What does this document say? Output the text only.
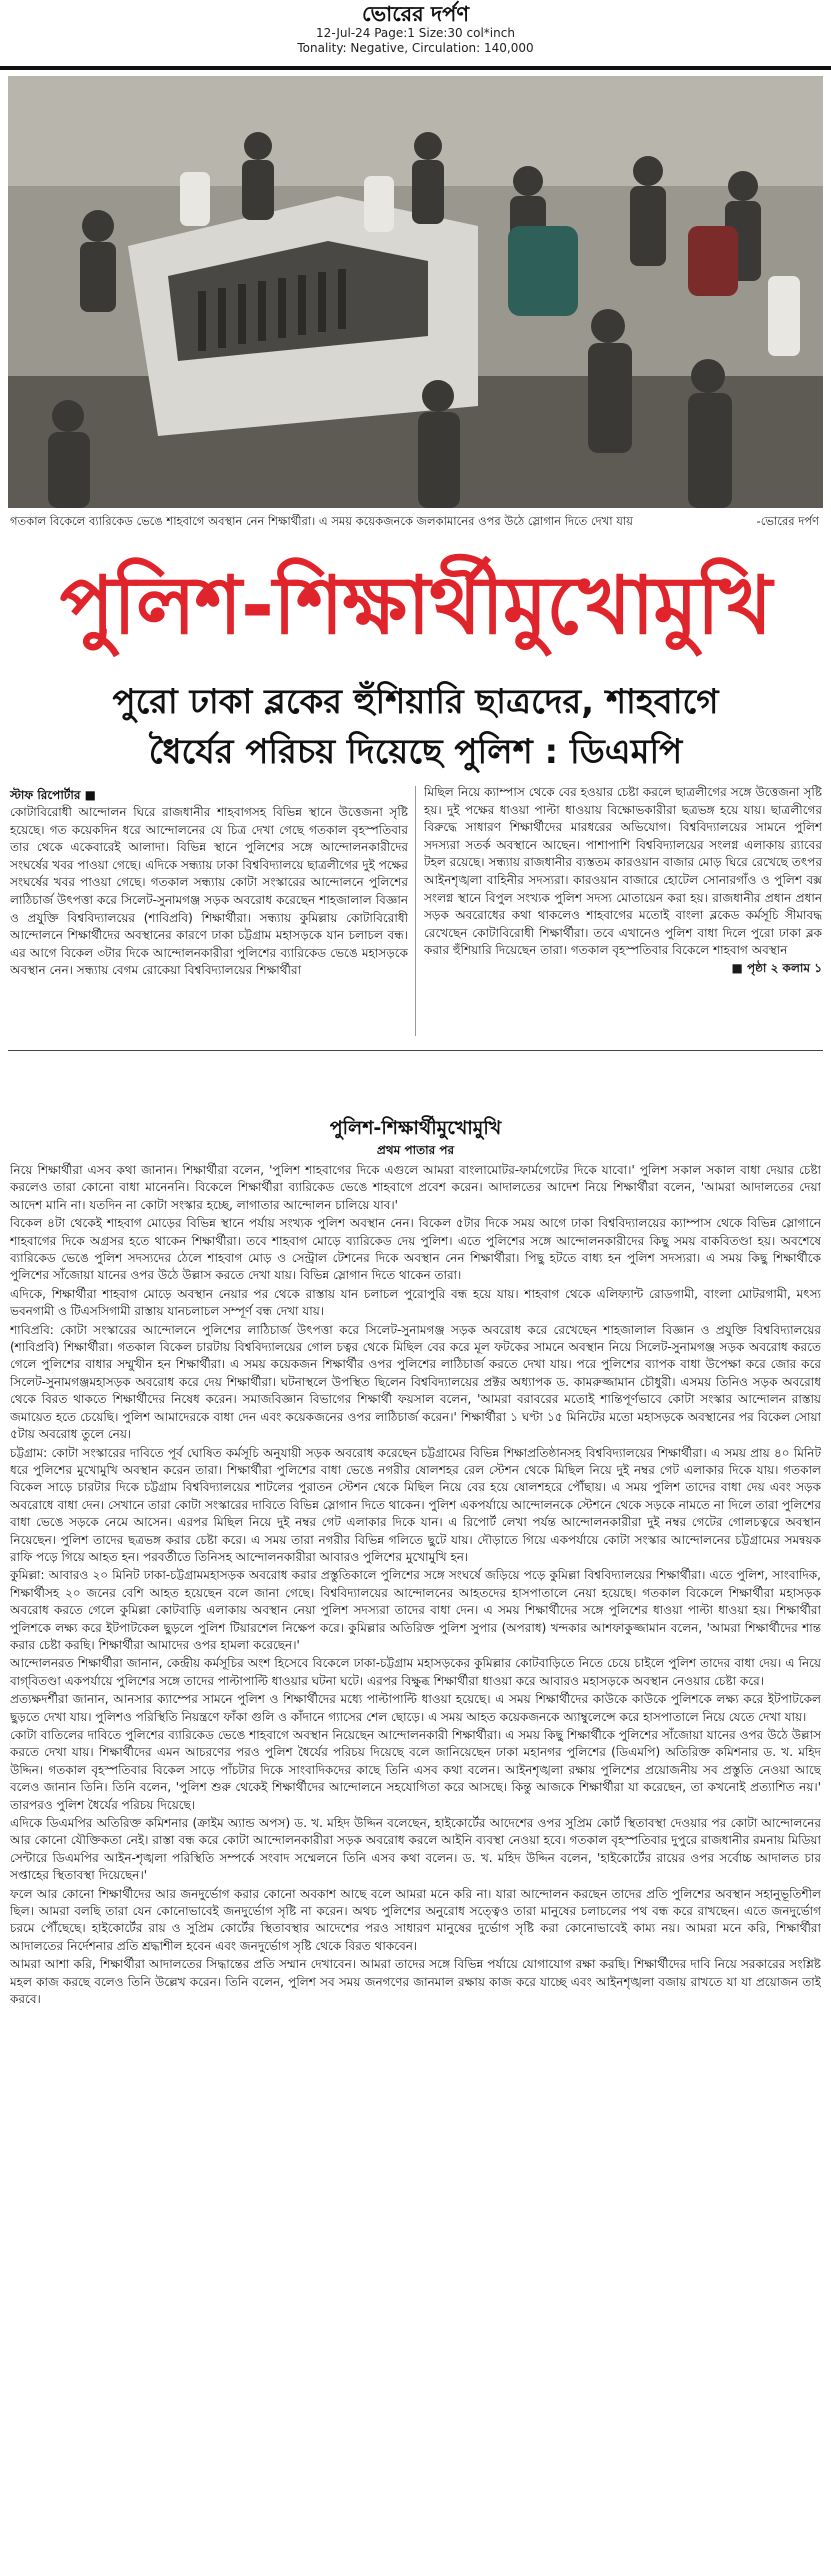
ভোরের দর্পণ
12-Jul-24 Page:1 Size:30 col*inch
Tonality: Negative, Circulation: 140,000
গতকাল বিকেলে ব্যারিকেড ভেঙে শাহবাগে অবস্থান নেন শিক্ষার্থীরা। এ সময় কয়েকজনকে জলকামানের ওপর উঠে স্লোগান দিতে দেখা যায়	-ভোরের দর্পণ
পুলিশ-শিক্ষার্থীমুখোমুখি
পুরো ঢাকা ব্লকের হুঁশিয়ারি ছাত্রদের, শাহবাগে
ধৈর্যের পরিচয় দিয়েছে পুলিশ : ডিএমপি
স্টাফ রিপোর্টার ■

কোটাবিরোধী আন্দোলন ঘিরে রাজধানীর শাহবাগসহ বিভিন্ন স্থানে উত্তেজনা সৃষ্টি হয়েছে। গত কয়েকদিন ধরে আন্দোলনের যে চিত্র দেখা গেছে গতকাল বৃহস্পতিবার তার থেকে একেবারেই আলাদা। বিভিন্ন স্থানে পুলিশের সঙ্গে আন্দোলনকারীদের সংঘর্ষের খবর পাওয়া গেছে। এদিকে সন্ধ্যায় ঢাকা বিশ্ববিদ্যালয়ে ছাত্রলীগের দুই পক্ষের সংঘর্ষের খবর পাওয়া গেছে। গতকাল সন্ধ্যায় কোটা সংস্কারের আন্দোলনে পুলিশের লাঠিচার্জ উৎপত্তা করে সিলেট-সুনামগঞ্জ সড়ক অবরোধ করেছেন শাহজালাল বিজ্ঞান ও প্রযুক্তি বিশ্ববিদ্যালয়ের (শাবিপ্রবি) শিক্ষার্থীরা। সন্ধ্যায় কুমিল্লায় কোটাবিরোধী আন্দোলনে শিক্ষার্থীদের অবস্থানের কারণে ঢাকা চট্টগ্রাম মহাসড়কে যান চলাচল বন্ধ। এর আগে বিকেল ৩টার দিকে আন্দোলনকারীরা পুলিশের ব্যারিকেড ভেঙে মহাসড়কে অবস্থান নেন। সন্ধ্যায় বেগম রোকেয়া বিশ্ববিদ্যালয়ের শিক্ষার্থীরা

মিছিল নিয়ে ক্যাম্পাস থেকে বের হওয়ার চেষ্টা করলে ছাত্রলীগের সঙ্গে উত্তেজনা সৃষ্টি হয়। দুই পক্ষের ধাওয়া পাল্টা ধাওয়ায় বিক্ষোভকারীরা ছত্রভঙ্গ হয়ে যায়। ছাত্রলীগের বিরুদ্ধে সাধারণ শিক্ষার্থীদের মারধরের অভিযোগ। বিশ্ববিদ্যালয়ের সামনে পুলিশ সদস্যরা সতর্ক অবস্থানে আছেন। পাশাপাশি বিশ্ববিদ্যালয়ের সংলগ্ন এলাকায় র‍্যাবের টহল রয়েছে। সন্ধ্যায় রাজধানীর ব্যস্ততম কারওয়ান বাজার মোড় ঘিরে রেখেছে তৎপর আইনশৃঙ্খলা বাহিনীর সদস্যরা। কারওয়ান বাজারে হোটেল সোনারগাঁও ও পুলিশ বক্স সংলগ্ন স্থানে বিপুল সংখ্যক পুলিশ সদস্য মোতায়েন করা হয়। রাজধানীর প্রধান প্রধান সড়ক অবরোধের কথা থাকলেও শাহবাগের মতোই বাংলা ব্লকেড কর্মসূচি সীমাবদ্ধ রেখেছেন কোটাবিরোধী শিক্ষার্থীরা। তবে এখানেও পুলিশ বাধা দিলে পুরো ঢাকা ব্লক করার হুঁশিয়ারি দিয়েছেন তারা। গতকাল বৃহস্পতিবার বিকেলে শাহবাগ অবস্থান

■ পৃষ্ঠা ২ কলাম ১

পুলিশ-শিক্ষার্থীমুখোমুখি
প্রথম পাতার পর

নিয়ে শিক্ষার্থীরা এসব কথা জানান। শিক্ষার্থীরা বলেন, 'পুলিশ শাহবাগের দিকে এগুলে আমরা বাংলামোটর-ফার্মগেটের দিকে যাবো।' পুলিশ সকাল সকাল বাধা দেয়ার চেষ্টা করলেও তারা কোনো বাধা মানেননি। বিকেলে শিক্ষার্থীরা ব্যারিকেড ভেঙে শাহবাগে প্রবেশ করেন। আদালতের আদেশ নিয়ে শিক্ষার্থীরা বলেন, 'আমরা আদালতের দেয়া আদেশ মানি না। যতদিন না কোটা সংস্কার হচ্ছে, লাগাতার আন্দোলন চালিয়ে যাব।'

বিকেল ৪টা থেকেই শাহবাগ মোড়ের বিভিন্ন স্থানে পর্যায় সংখ্যক পুলিশ অবস্থান নেন। বিকেল ৫টার দিকে সময় আগে ঢাকা বিশ্ববিদ্যালয়ের ক্যাম্পাস থেকে বিভিন্ন স্লোগানে শাহবাগের দিকে অগ্রসর হতে থাকেন শিক্ষার্থীরা। তবে শাহবাগ মোড়ে ব্যারিকেড দেয় পুলিশ। এতে পুলিশের সঙ্গে আন্দোলনকারীদের কিছু সময় বাকবিতণ্ডা হয়। অবশেষে ব্যারিকেড ভেঙে পুলিশ সদস্যদের ঠেলে শাহবাগ মোড় ও সেন্ট্রাল টেশনের দিকে অবস্থান নেন শিক্ষার্থীরা। পিছু হটতে বাধ্য হন পুলিশ সদস্যরা। এ সময় কিছু শিক্ষার্থীকে পুলিশের সাঁজোয়া যানের ওপর উঠে উল্লাস করতে দেখা যায়। বিভিন্ন স্লোগান দিতে থাকেন তারা।

এদিকে, শিক্ষার্থীরা শাহবাগ মোড়ে অবস্থান নেয়ার পর থেকে রাস্তায় যান চলাচল পুরোপুরি বন্ধ হয়ে যায়। শাহবাগ থেকে এলিফ্যান্ট রোডগামী, বাংলা মোটরগামী, মৎস্য ভবনগামী ও টিএসসিগামী রাস্তায় যানচলাচল সম্পূর্ণ বন্ধ দেখা যায়।

শাবিপ্রবি: কোটা সংস্কারের আন্দোলনে পুলিশের লাঠিচার্জ উৎপত্তা করে সিলেট-সুনামগঞ্জ সড়ক অবরোধ করে রেখেছেন শাহজালাল বিজ্ঞান ও প্রযুক্তি বিশ্ববিদ্যালয়ের (শাবিপ্রবি) শিক্ষার্থীরা। গতকাল বিকেল চারটায় বিশ্ববিদ্যালয়ের গোল চত্বর থেকে মিছিল বের করে মূল ফটকের সামনে অবস্থান নিয়ে সিলেট-সুনামগঞ্জ সড়ক অবরোধ করতে গেলে পুলিশের বাধার সম্মুখীন হন শিক্ষার্থীরা। এ সময় কয়েকজন শিক্ষার্থীর ওপর পুলিশের লাঠিচার্জ করতে দেখা যায়। পরে পুলিশের ব্যাপক বাধা উপেক্ষা করে জোর করে সিলেট-সুনামগঞ্জমহাসড়ক অবরোধ করে দেয় শিক্ষার্থীরা। ঘটনাস্থলে উপস্থিত ছিলেন বিশ্ববিদ্যালয়ের প্রক্টর অধ্যাপক ড. কামরুজ্জামান চৌধুরী। এসময় তিনিও সড়ক অবরোধ থেকে বিরত থাকতে শিক্ষার্থীদের নিষেধ করেন। সমাজবিজ্ঞান বিভাগের শিক্ষার্থী ফয়সাল বলেন, 'আমরা বরাবরের মতোই শান্তিপূর্ণভাবে কোটা সংস্কার আন্দোলন রাস্তায় জমায়েত হতে চেয়েছি। পুলিশ আমাদেরকে বাধা দেন এবং কয়েকজনের ওপর লাঠিচার্জ করেন।' শিক্ষার্থীরা ১ ঘণ্টা ১৫ মিনিটের মতো মহাসড়কে অবস্থানের পর বিকেল সোয়া ৫টায় অবরোধ তুলে নেয়।

চট্টগ্রাম: কোটা সংস্কারের দাবিতে পূর্ব ঘোষিত কর্মসূচি অনুযায়ী সড়ক অবরোধ করেছেন চট্টগ্রামের বিভিন্ন শিক্ষাপ্রতিষ্ঠানসহ বিশ্ববিদ্যালয়ের শিক্ষার্থীরা। এ সময় প্রায় ৪০ মিনিট ধরে পুলিশের মুখোমুখি অবস্থান করেন তারা। শিক্ষার্থীরা পুলিশের বাধা ভেঙে নগরীর ষোলশহর রেল স্টেশন থেকে মিছিল নিয়ে দুই নম্বর গেট এলাকার দিকে যায়। গতকাল বিকেল সাড়ে চারটার দিকে চট্টগ্রাম বিশ্ববিদ্যালয়ের শাটলের পুরাতন স্টেশন থেকে মিছিল নিয়ে বের হয়ে ষোলশহরে পৌঁছায়। এ সময় পুলিশ তাদের বাধা দেয় এবং সড়ক অবরোধে বাধা দেন। সেখানে তারা কোটা সংস্কারের দাবিতে বিভিন্ন স্লোগান দিতে থাকেন। পুলিশ একপর্যায়ে আন্দোলনকে স্টেশনে থেকে সড়কে নামতে না দিলে তারা পুলিশের বাধা ভেঙে সড়কে নেমে আসেন। এরপর মিছিল নিয়ে দুই নম্বর গেট এলাকার দিকে যান। এ রিপোর্ট লেখা পর্যন্ত আন্দোলনকারীরা দুই নম্বর গেটের গোলচত্বরে অবস্থান নিয়েছেন। পুলিশ তাদের ছত্রভঙ্গ করার চেষ্টা করে। এ সময় তারা নগরীর বিভিন্ন গলিতে ছুটে যায়। দৌড়াতে গিয়ে একপর্যায়ে কোটা সংস্কার আন্দোলনের চট্টগ্রামের সমন্বয়ক রাফি পড়ে গিয়ে আহত হন। পরবর্তীতে তিনিসহ আন্দোলনকারীরা আবারও পুলিশের মুখোমুখি হন।

কুমিল্লা: আবারও ২০ মিনিট ঢাকা-চট্টগ্রামমহাসড়ক অবরোধ করার প্রস্তুতিকালে পুলিশের সঙ্গে সংঘর্ষে জড়িয়ে পড়ে কুমিল্লা বিশ্ববিদ্যালয়ের শিক্ষার্থীরা। এতে পুলিশ, সাংবাদিক, শিক্ষার্থীসহ ২০ জনের বেশি আহত হয়েছেন বলে জানা গেছে। বিশ্ববিদ্যালয়ের আন্দোলনের আহতদের হাসপাতালে নেয়া হয়েছে। গতকাল বিকেলে শিক্ষার্থীরা মহাসড়ক অবরোধ করতে গেলে কুমিল্লা কোটবাড়ি এলাকায় অবস্থান নেয়া পুলিশ সদস্যরা তাদের বাধা দেন। এ সময় শিক্ষার্থীদের সঙ্গে পুলিশের ধাওয়া পাল্টা ধাওয়া হয়। শিক্ষার্থীরা পুলিশকে লক্ষ্য করে ইটপাটকেল ছুড়লে পুলিশ টিয়ারশেল নিক্ষেপ করে। কুমিল্লার অতিরিক্ত পুলিশ সুপার (অপরাধ) খন্দকার আশফাকুজ্জামান বলেন, 'আমরা শিক্ষার্থীদের শান্ত করার চেষ্টা করছি। শিক্ষার্থীরা আমাদের ওপর হামলা করেছেন।'

আন্দোলনরত শিক্ষার্থীরা জানান, কেন্দ্রীয় কর্মসূচির অংশ হিসেবে বিকেলে ঢাকা-চট্টগ্রাম মহাসড়কের কুমিল্লার কোটবাড়িতে নিতে চেয়ে চাইলে পুলিশ তাদের বাধা দেয়। এ নিয়ে বাগ্‌বিতণ্ডা একপর্যায়ে পুলিশের সঙ্গে তাদের পাল্টাপাল্টি ধাওয়ার ঘটনা ঘটে। এরপর বিক্ষুব্ধ শিক্ষার্থীরা ধাওয়া করে আবারও মহাসড়কে অবস্থান নেওয়ার চেষ্টা করে।

প্রত্যক্ষদর্শীরা জানান, আনসার ক্যাম্পের সামনে পুলিশ ও শিক্ষার্থীদের মধ্যে পাল্টাপাল্টি ধাওয়া হয়েছে। এ সময় শিক্ষার্থীদের কাউকে কাউকে পুলিশকে লক্ষ্য করে ইটপাটকেল ছুড়তে দেখা যায়। পুলিশও পরিস্থিতি নিয়ন্ত্রণে ফাঁকা গুলি ও কাঁদানে গ্যাসের শেল ছোড়ে। এ সময় আহত কয়েকজনকে অ্যাম্বুলেন্সে করে হাসপাতালে নিয়ে যেতে দেখা যায়।

কোটা বাতিলের দাবিতে পুলিশের ব্যারিকেড ভেঙে শাহবাগে অবস্থান নিয়েছেন আন্দোলনকারী শিক্ষার্থীরা। এ সময় কিছু শিক্ষার্থীকে পুলিশের সাঁজোয়া যানের ওপর উঠে উল্লাস করতে দেখা যায়। শিক্ষার্থীদের এমন আচরণের পরও পুলিশ ধৈর্যের পরিচয় দিয়েছে বলে জানিয়েছেন ঢাকা মহানগর পুলিশের (ডিএমপি) অতিরিক্ত কমিশনার ড. খ. মহিদ উদ্দিন। গতকাল বৃহস্পতিবার বিকেল সাড়ে পাঁচটার দিকে সাংবাদিকদের কাছে তিনি এসব কথা বলেন। আইনশৃঙ্খলা রক্ষায় পুলিশের প্রয়োজনীয় সব প্রস্তুতি নেওয়া আছে বলেও জানান তিনি। তিনি বলেন, 'পুলিশ শুরু থেকেই শিক্ষার্থীদের আন্দোলনে সহযোগিতা করে আসছে। কিন্তু আজকে শিক্ষার্থীরা যা করেছেন, তা কখনোই প্রত্যাশিত নয়।' তারপরও পুলিশ ধৈর্যের পরিচয় দিয়েছে।

এদিকে ডিএমপির অতিরিক্ত কমিশনার (ক্রাইম অ্যান্ড অপস) ড. খ. মহিদ উদ্দিন বলেছেন, হাইকোর্টের আদেশের ওপর সুপ্রিম কোর্ট স্থিতাবস্থা দেওয়ার পর কোটা আন্দোলনের আর কোনো যৌক্তিকতা নেই। রাস্তা বন্ধ করে কোটা আন্দোলনকারীরা সড়ক অবরোধ করলে আইনি ব্যবস্থা নেওয়া হবে। গতকাল বৃহস্পতিবার দুপুরে রাজধানীর রমনায় মিডিয়া সেন্টারে ডিএমপির আইন-শৃঙ্খলা পরিস্থিতি সম্পর্কে সংবাদ সম্মেলনে তিনি এসব কথা বলেন। ড. খ. মহিদ উদ্দিন বলেন, 'হাইকোর্টের রায়ের ওপর সর্বোচ্চ আদালত চার সপ্তাহের স্থিতাবস্থা দিয়েছেন।'

ফলে আর কোনো শিক্ষার্থীদের আর জনদুর্ভোগ করার কোনো অবকাশ আছে বলে আমরা মনে করি না। যারা আন্দোলন করছেন তাদের প্রতি পুলিশের অবস্থান সহানুভূতিশীল ছিল। আমরা বলছি তারা যেন কোনোভাবেই জনদুর্ভোগ সৃষ্টি না করেন। অথচ পুলিশের অনুরোধ সত্ত্বেও তারা মানুষের চলাচলের পথ বন্ধ করে রাখছেন। এতে জনদুর্ভোগ চরমে পৌঁছেছে। হাইকোর্টের রায় ও সুপ্রিম কোর্টের স্থিতাবস্থার আদেশের পরও সাধারণ মানুষের দুর্ভোগ সৃষ্টি করা কোনোভাবেই কাম্য নয়। আমরা মনে করি, শিক্ষার্থীরা আদালতের নির্দেশনার প্রতি শ্রদ্ধাশীল হবেন এবং জনদুর্ভোগ সৃষ্টি থেকে বিরত থাকবেন।

আমরা আশা করি, শিক্ষার্থীরা আদালতের সিদ্ধান্তের প্রতি সম্মান দেখাবেন। আমরা তাদের সঙ্গে বিভিন্ন পর্যায়ে যোগাযোগ রক্ষা করছি। শিক্ষার্থীদের দাবি নিয়ে সরকারের সংশ্লিষ্ট মহল কাজ করছে বলেও তিনি উল্লেখ করেন। তিনি বলেন, পুলিশ সব সময় জনগণের জানমাল রক্ষায় কাজ করে যাচ্ছে এবং আইনশৃঙ্খলা বজায় রাখতে যা যা প্রয়োজন তাই করবে।
